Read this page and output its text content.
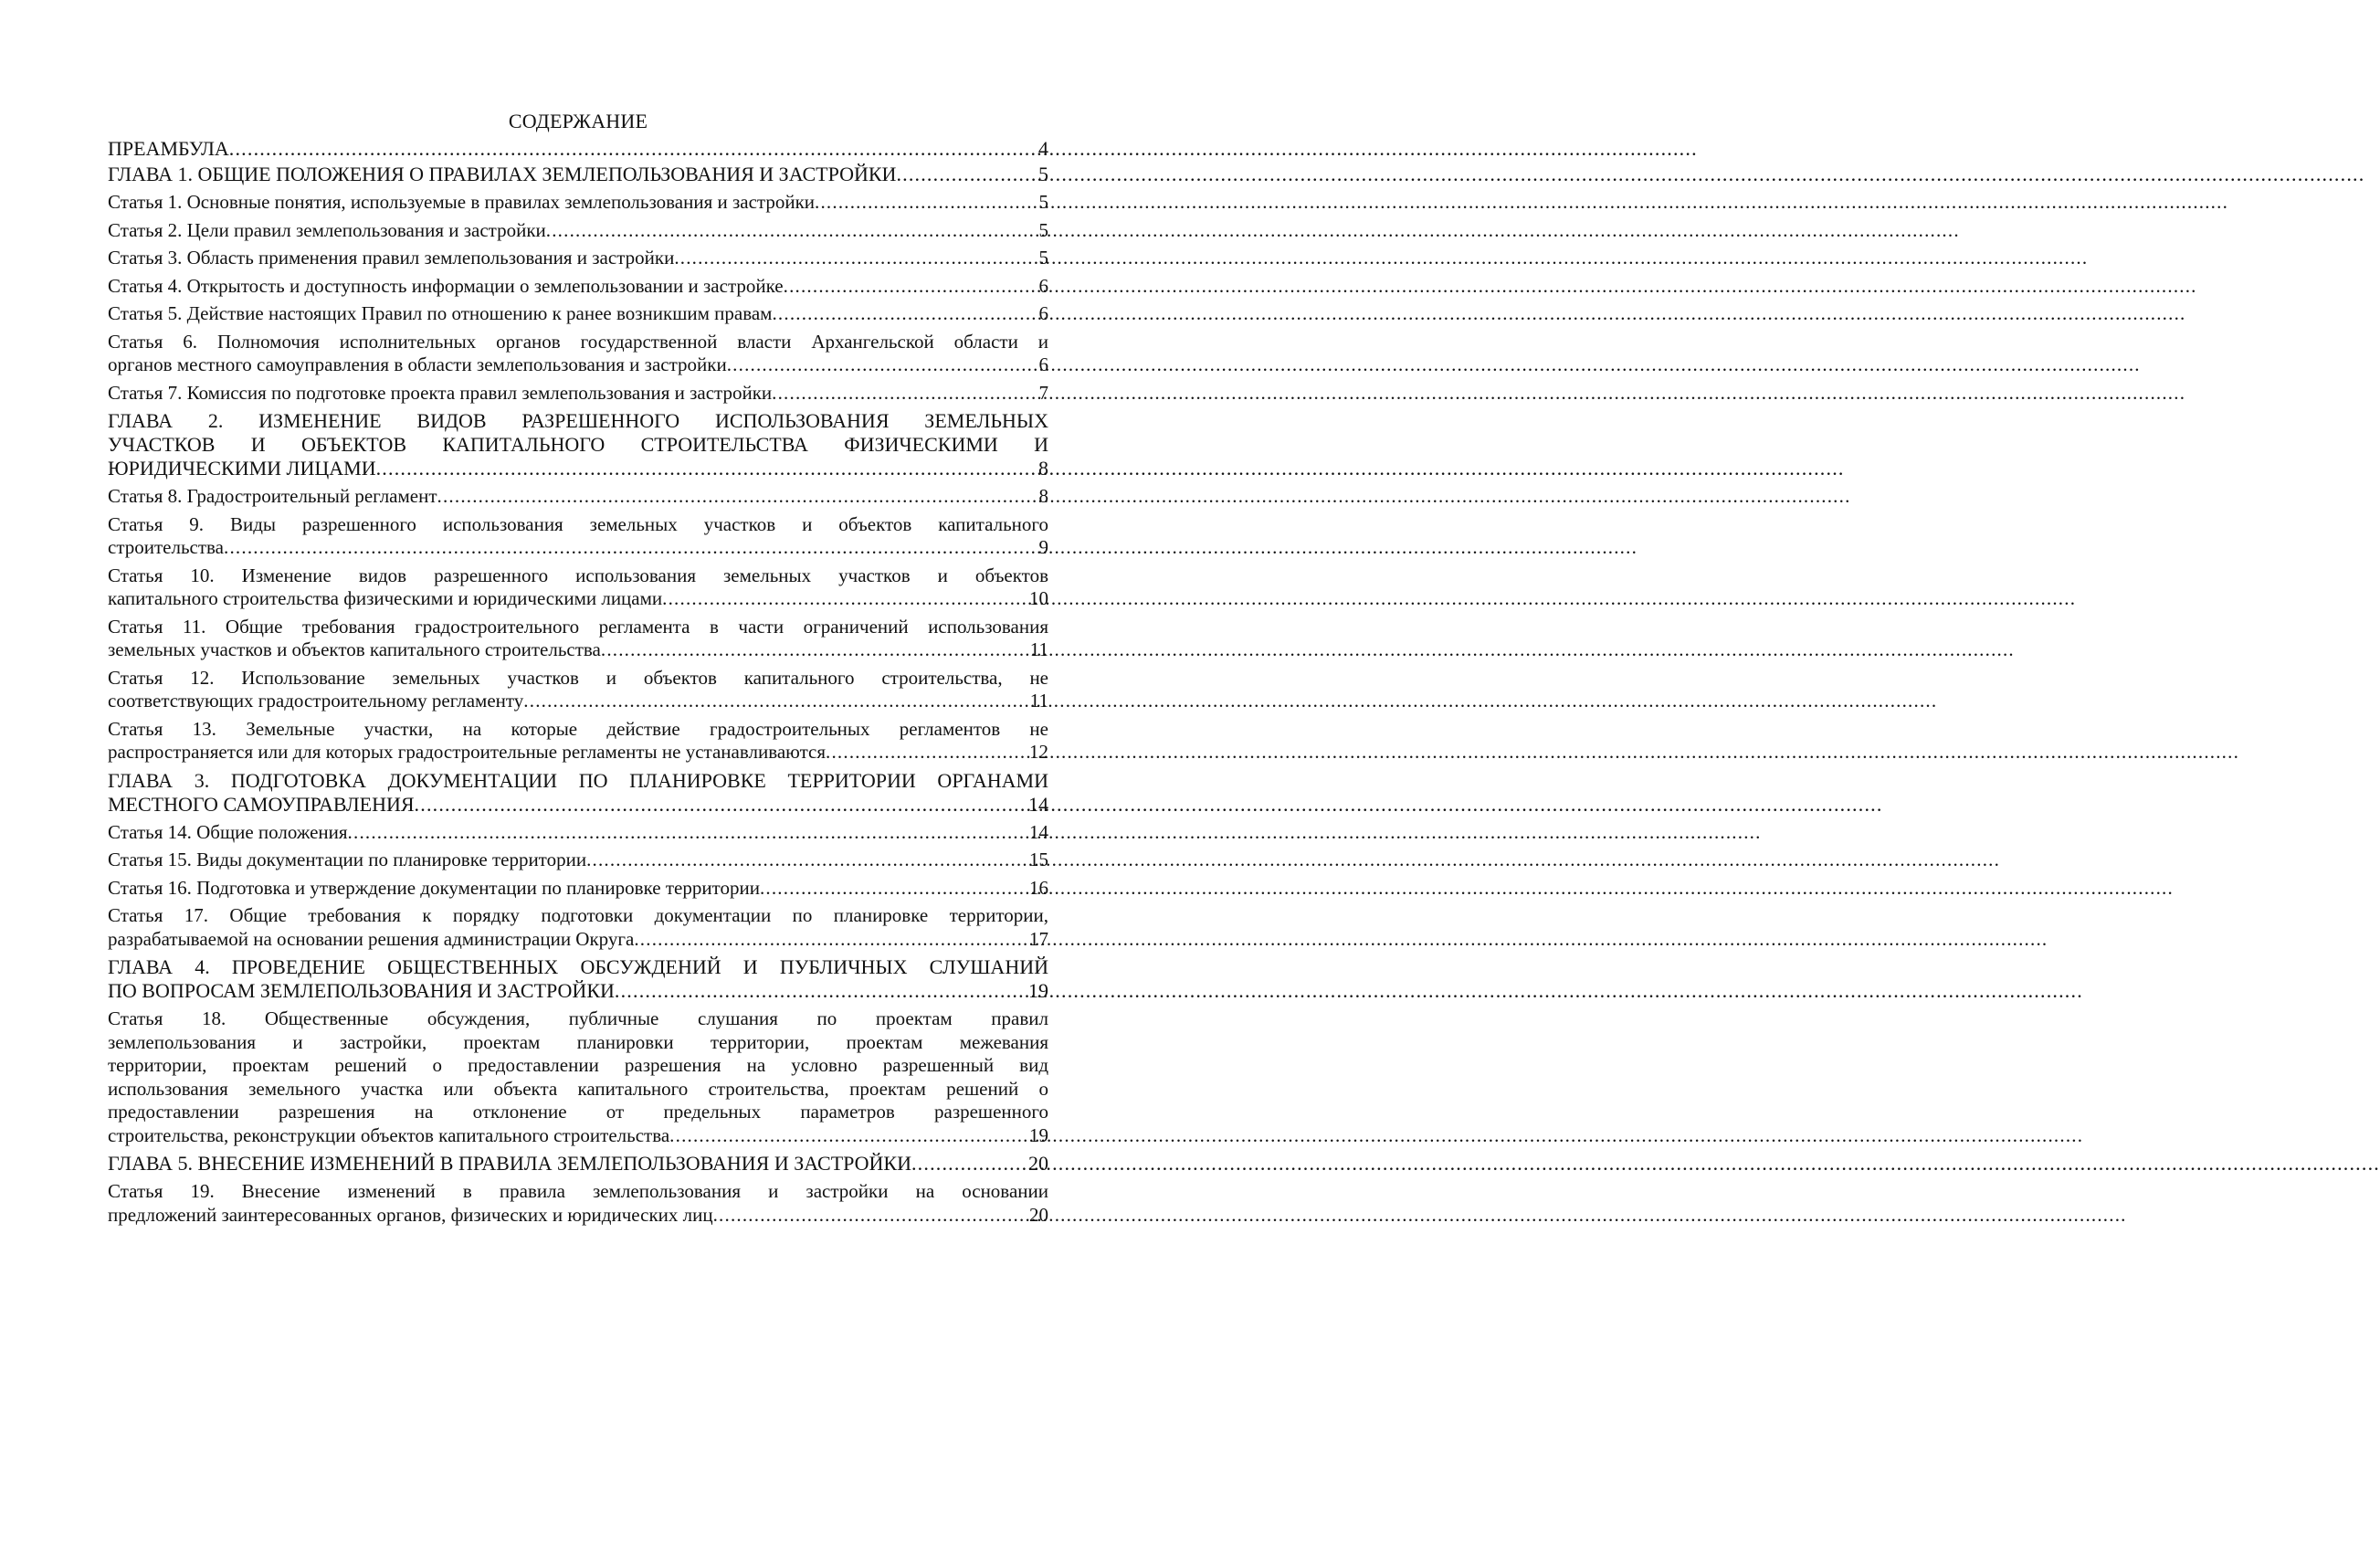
СОДЕРЖАНИЕ
ПРЕАМБУЛА .....	4
ГЛАВА 1. ОБЩИЕ ПОЛОЖЕНИЯ О ПРАВИЛАХ ЗЕМЛЕПОЛЬЗОВАНИЯ И ЗАСТРОЙКИ .....	5
Статья 1. Основные понятия, используемые в правилах землепользования и застройки .....	5
Статья 2. Цели правил землепользования и застройки .....	5
Статья 3. Область применения правил землепользования и застройки .....	5
Статья 4. Открытость и доступность информации о землепользовании и застройке .....	6
Статья 5. Действие настоящих Правил по отношению к ранее возникшим правам .....	6
Статья 6. Полномочия исполнительных органов государственной власти Архангельской области и
органов местного самоуправления в области землепользования и застройки .....	6
Статья 7. Комиссия по подготовке проекта правил землепользования и застройки .....	7
ГЛАВА 2. ИЗМЕНЕНИЕ ВИДОВ РАЗРЕШЕННОГО ИСПОЛЬЗОВАНИЯ ЗЕМЕЛЬНЫХ
УЧАСТКОВ И ОБЪЕКТОВ КАПИТАЛЬНОГО СТРОИТЕЛЬСТВА ФИЗИЧЕСКИМИ И
ЮРИДИЧЕСКИМИ ЛИЦАМИ .....	8
Статья 8. Градостроительный регламент .....	8
Статья 9. Виды разрешенного использования земельных участков и объектов капитального
строительства .....	9
Статья 10. Изменение видов разрешенного использования земельных участков и объектов
капитального строительства физическими и юридическими лицами .....	10
Статья 11. Общие требования градостроительного регламента в части ограничений использования
земельных участков и объектов капитального строительства .....	11
Статья 12. Использование земельных участков и объектов капитального строительства, не
соответствующих градостроительному регламенту .....	11
Статья 13. Земельные участки, на которые действие градостроительных регламентов не
распространяется или для которых градостроительные регламенты не устанавливаются .....	12
ГЛАВА 3. ПОДГОТОВКА ДОКУМЕНТАЦИИ ПО ПЛАНИРОВКЕ ТЕРРИТОРИИ ОРГАНАМИ
МЕСТНОГО САМОУПРАВЛЕНИЯ .....	14
Статья 14. Общие положения .....	14
Статья 15. Виды документации по планировке территории .....	15
Статья 16. Подготовка и утверждение документации по планировке территории .....	16
Статья 17. Общие требования к порядку подготовки документации по планировке территории,
разрабатываемой на основании решения администрации Округа .....	17
ГЛАВА 4. ПРОВЕДЕНИЕ ОБЩЕСТВЕННЫХ ОБСУЖДЕНИЙ И ПУБЛИЧНЫХ СЛУШАНИЙ
ПО ВОПРОСАМ ЗЕМЛЕПОЛЬЗОВАНИЯ И ЗАСТРОЙКИ .....	19
Статья 18. Общественные обсуждения, публичные слушания по проектам правил
землепользования и застройки, проектам планировки территории, проектам межевания
территории, проектам решений о предоставлении разрешения на условно разрешенный вид
использования земельного участка или объекта капитального строительства, проектам решений о
предоставлении разрешения на отклонение от предельных параметров разрешенного
строительства, реконструкции объектов капитального строительства .....	19
ГЛАВА 5. ВНЕСЕНИЕ ИЗМЕНЕНИЙ В ПРАВИЛА ЗЕМЛЕПОЛЬЗОВАНИЯ И ЗАСТРОЙКИ .....	20
Статья 19. Внесение изменений в правила землепользования и застройки на основании
предложений заинтересованных органов, физических и юридических лиц .....	20
